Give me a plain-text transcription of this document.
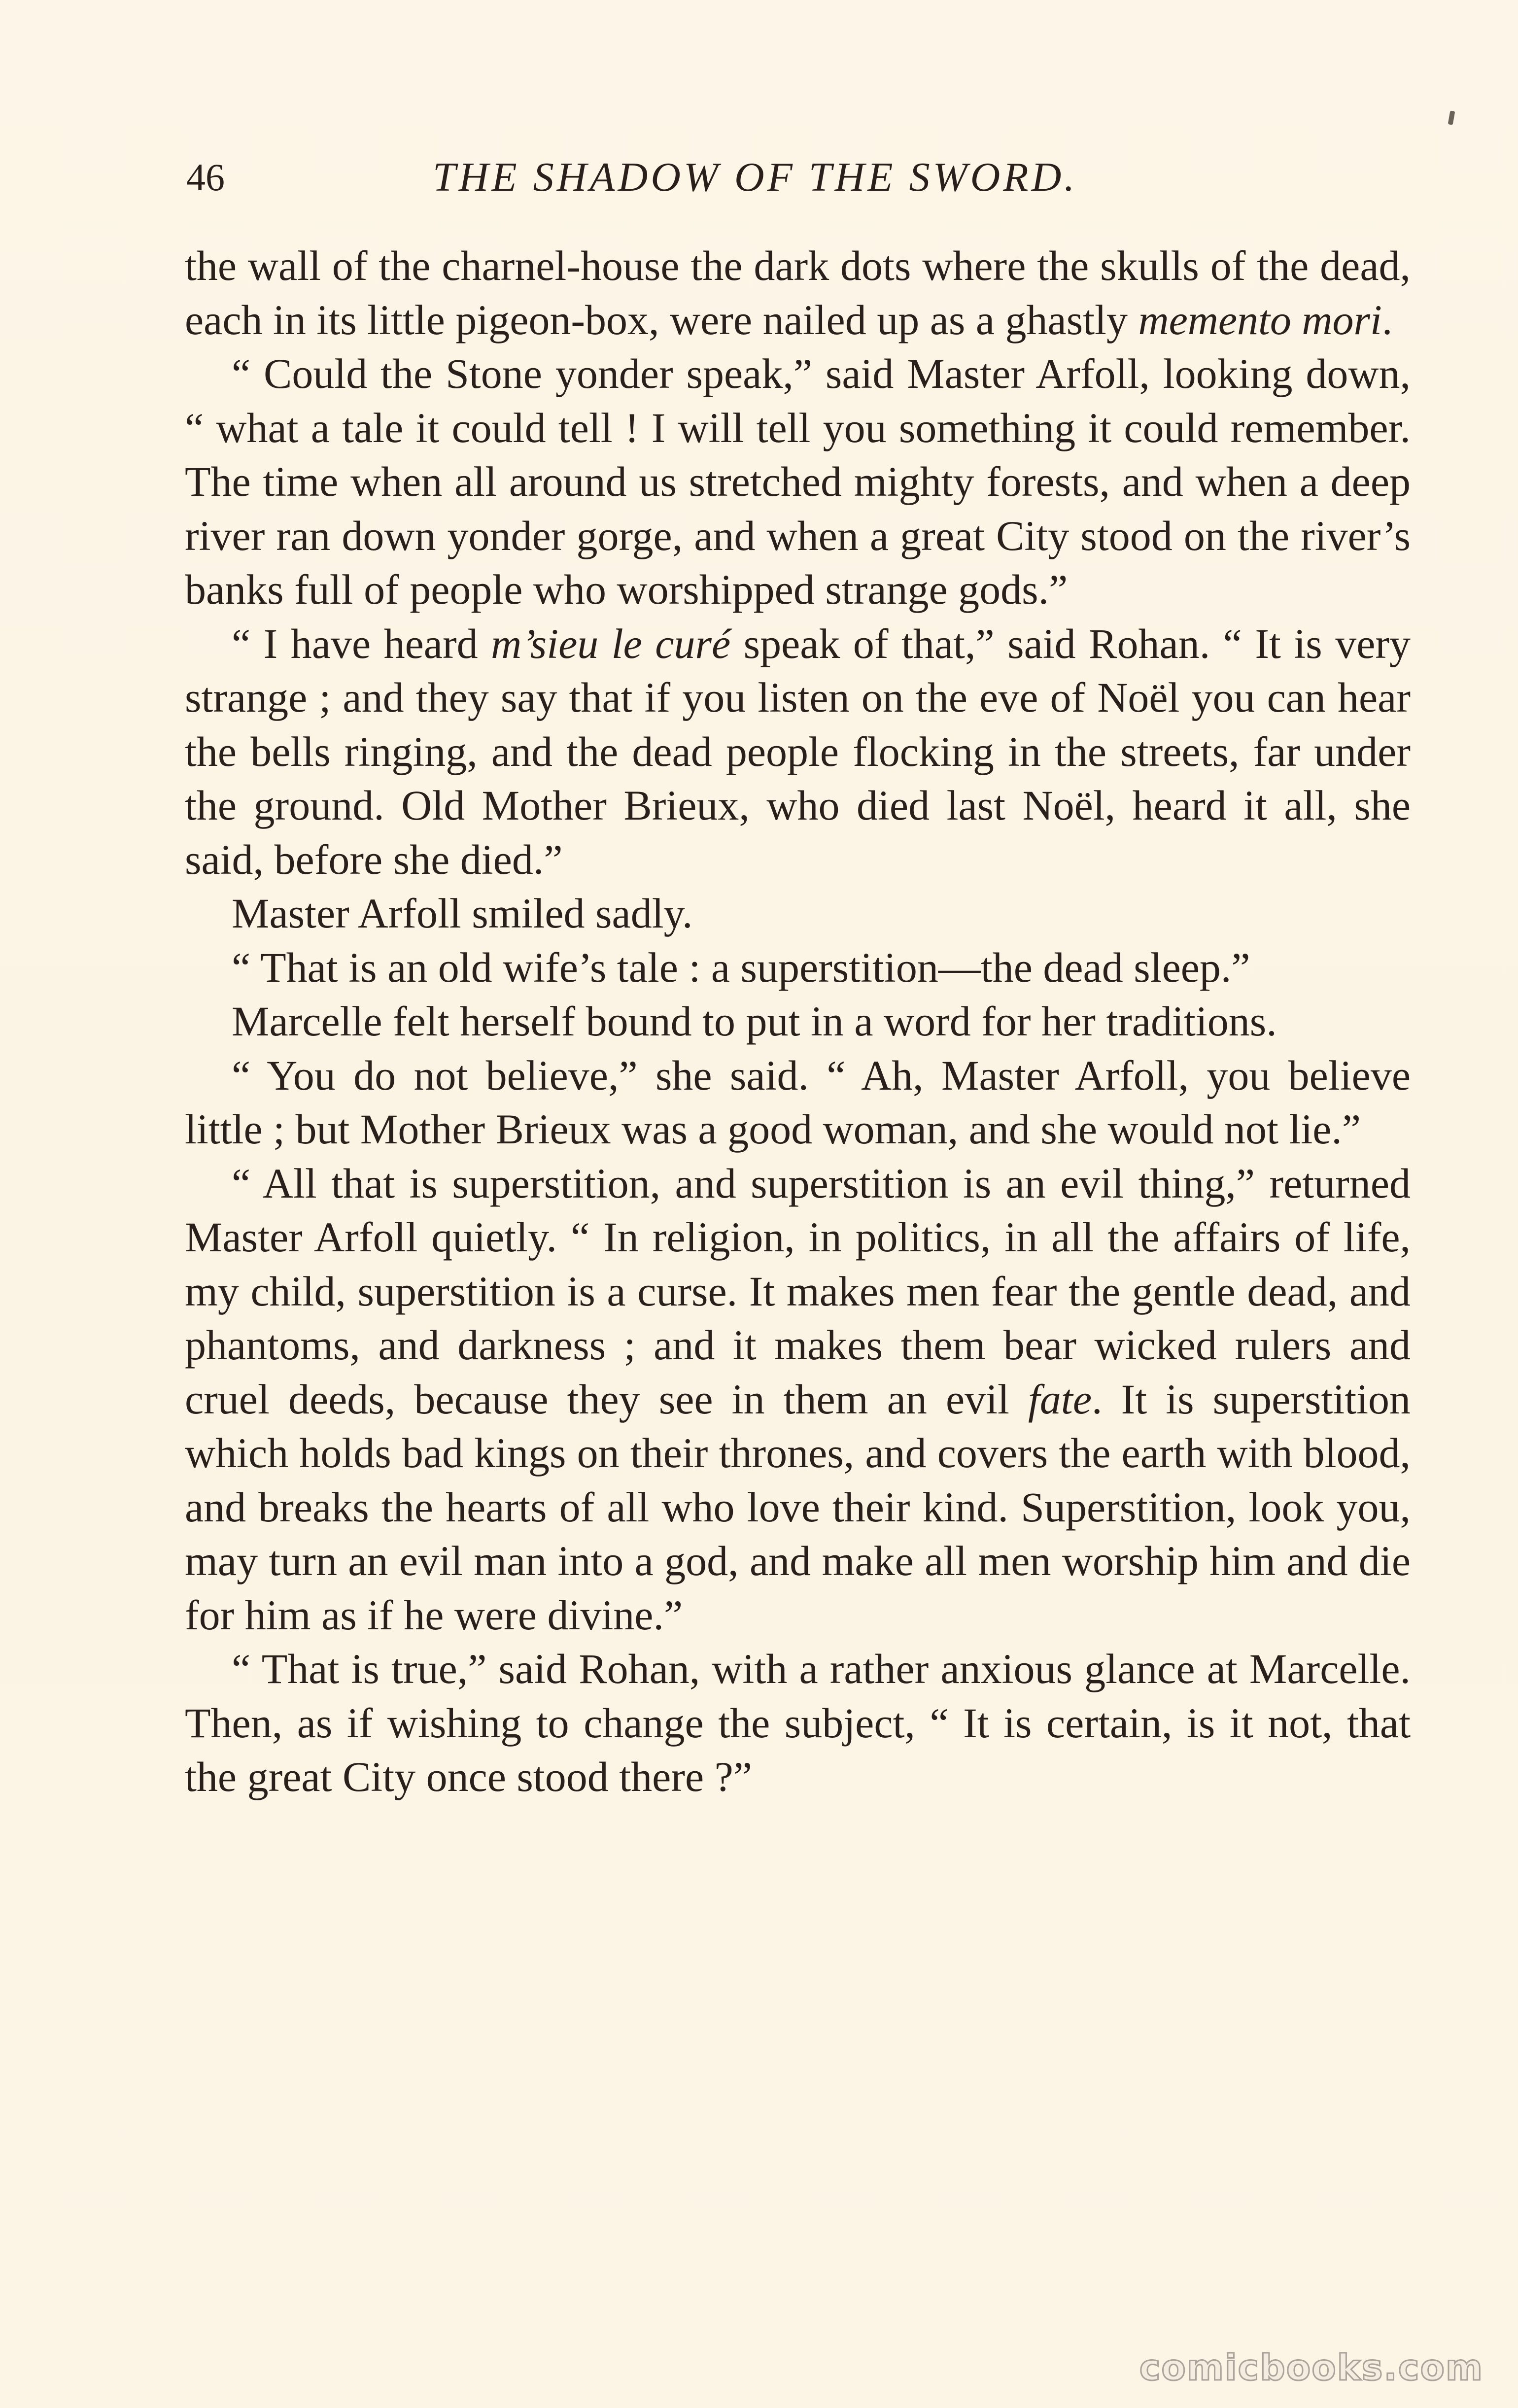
46	THE SHADOW OF THE SWORD.

the wall of the charnel-house the dark dots where the skulls of the dead, each in its little pigeon-box, were nailed up as a ghastly memento mori.

“ Could the Stone yonder speak,” said Master Arfoll, looking down, “ what a tale it could tell ! I will tell you something it could remember. The time when all around us stretched mighty forests, and when a deep river ran down yonder gorge, and when a great City stood on the river’s banks full of people who worshipped strange gods.”

“ I have heard m’sieu le curé speak of that,” said Rohan. “ It is very strange ; and they say that if you listen on the eve of Noël you can hear the bells ringing, and the dead people flocking in the streets, far under the ground. Old Mother Brieux, who died last Noël, heard it all, she said, before she died.”

Master Arfoll smiled sadly.

“ That is an old wife’s tale : a superstition—the dead sleep.”

Marcelle felt herself bound to put in a word for her traditions.

“ You do not believe,” she said. “ Ah, Master Arfoll, you believe little ; but Mother Brieux was a good woman, and she would not lie.”

“ All that is superstition, and superstition is an evil thing,” returned Master Arfoll quietly. “ In religion, in politics, in all the affairs of life, my child, superstition is a curse. It makes men fear the gentle dead, and phantoms, and darkness ; and it makes them bear wicked rulers and cruel deeds, because they see in them an evil fate. It is superstition which holds bad kings on their thrones, and covers the earth with blood, and breaks the hearts of all who love their kind. Superstition, look you, may turn an evil man into a god, and make all men worship him and die for him as if he were divine.”

“ That is true,” said Rohan, with a rather anxious glance at Marcelle. Then, as if wishing to change the subject, “ It is certain, is it not, that the great City once stood there ?”

comicbooks.com
